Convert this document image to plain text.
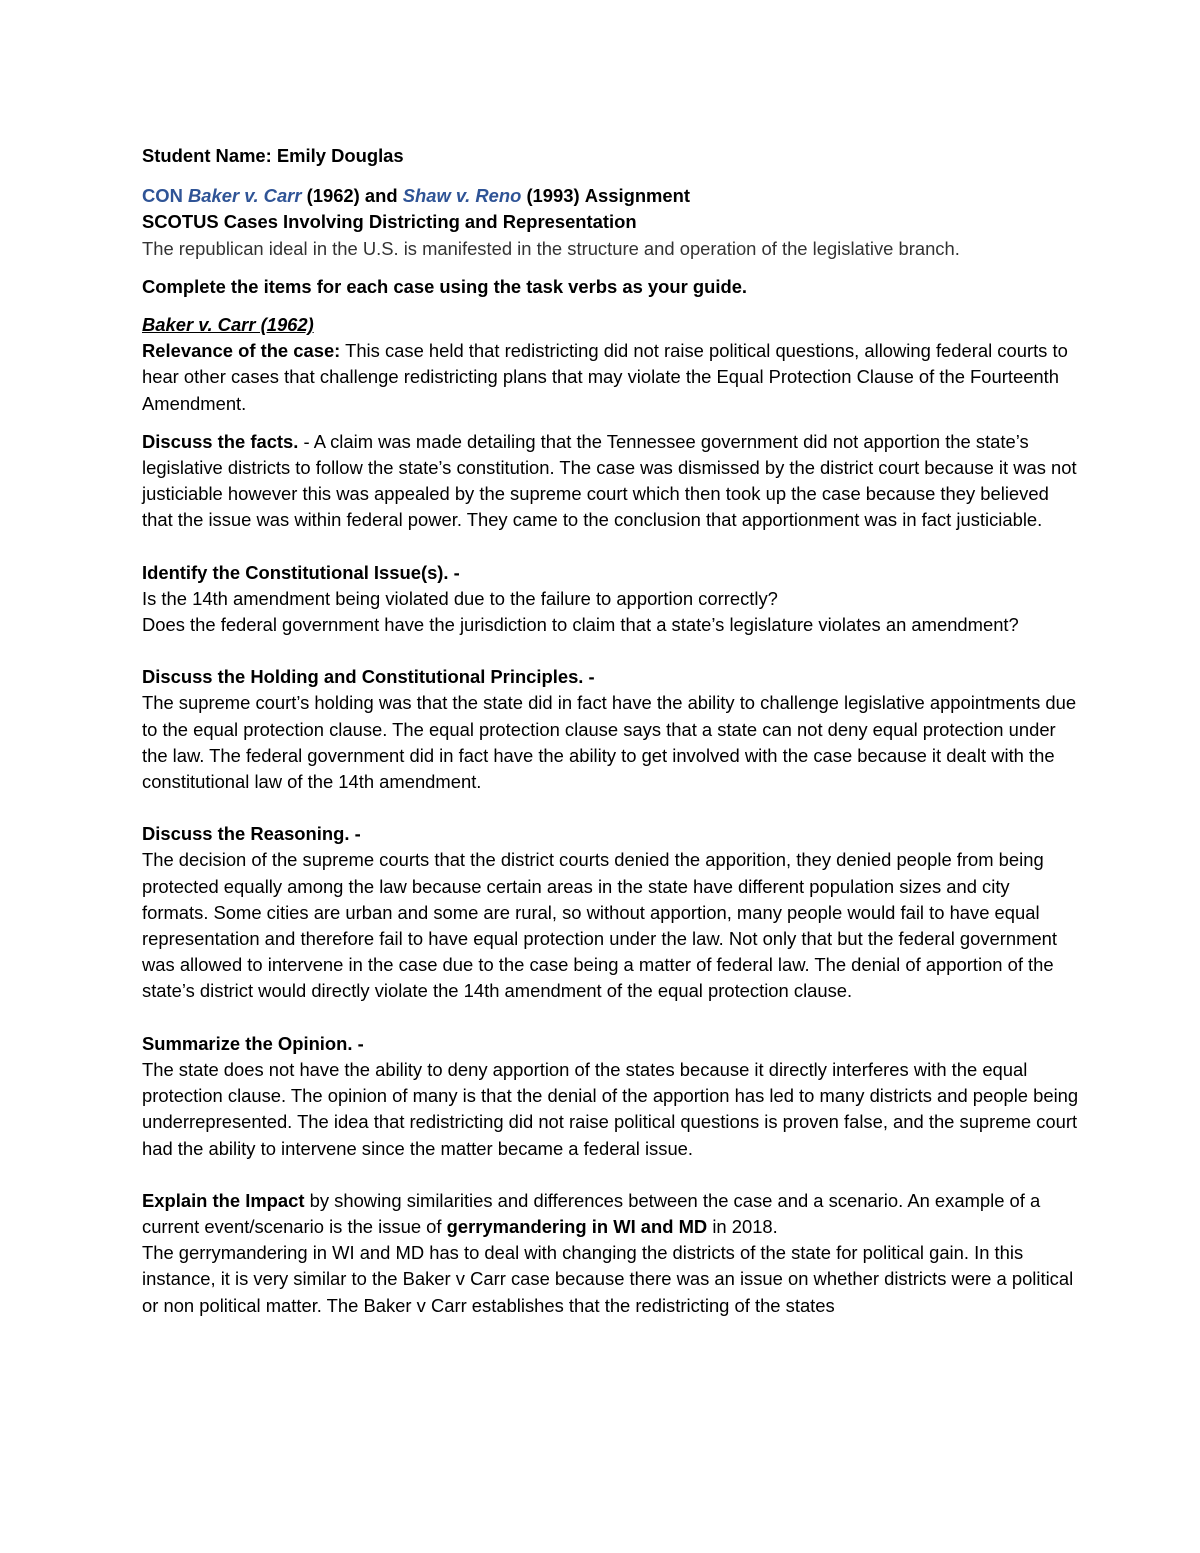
Student Name: Emily Douglas

CON Baker v. Carr (1962) and Shaw v. Reno (1993) Assignment

SCOTUS Cases Involving Districting and Representation

The republican ideal in the U.S. is manifested in the structure and operation of the legislative branch.

Complete the items for each case using the task verbs as your guide.

Baker v. Carr (1962)

Relevance of the case: This case held that redistricting did not raise political questions, allowing federal courts to hear other cases that challenge redistricting plans that may violate the Equal Protection Clause of the Fourteenth Amendment.

Discuss the facts. - A claim was made detailing that the Tennessee government did not apportion the state’s legislative districts to follow the state’s constitution. The case was dismissed by the district court because it was not justiciable however this was appealed by the supreme court which then took up the case because they believed that the issue was within federal power. They came to the conclusion that apportionment was in fact justiciable.

Identify the Constitutional Issue(s). -

Is the 14th amendment being violated due to the failure to apportion correctly?

Does the federal government have the jurisdiction to claim that a state’s legislature violates an amendment?

Discuss the Holding and Constitutional Principles. -

The supreme court’s holding was that the state did in fact have the ability to challenge legislative appointments due to the equal protection clause. The equal protection clause says that a state can not deny equal protection under the law. The federal government did in fact have the ability to get involved with the case because it dealt with the constitutional law of the 14th amendment.

Discuss the Reasoning. -

The decision of the supreme courts that the district courts denied the apporition, they denied people from being protected equally among the law because certain areas in the state have different population sizes and city formats. Some cities are urban and some are rural, so without apportion, many people would fail to have equal representation and therefore fail to have equal protection under the law. Not only that but the federal government was allowed to intervene in the case due to the case being a matter of federal law. The denial of apportion of the state’s district would directly violate the 14th amendment of the equal protection clause.

Summarize the Opinion. -

The state does not have the ability to deny apportion of the states because it directly interferes with the equal protection clause. The opinion of many is that the denial of the apportion has led to many districts and people being underrepresented. The idea that redistricting did not raise political questions is proven false, and the supreme court had the ability to intervene since the matter became a federal issue.

Explain the Impact by showing similarities and differences between the case and a scenario. An example of a current event/scenario is the issue of gerrymandering in WI and MD in 2018.

The gerrymandering in WI and MD has to deal with changing the districts of the state for political gain. In this instance, it is very similar to the Baker v Carr case because there was an issue on whether districts were a political or non political matter. The Baker v Carr establishes that the redistricting of the states
